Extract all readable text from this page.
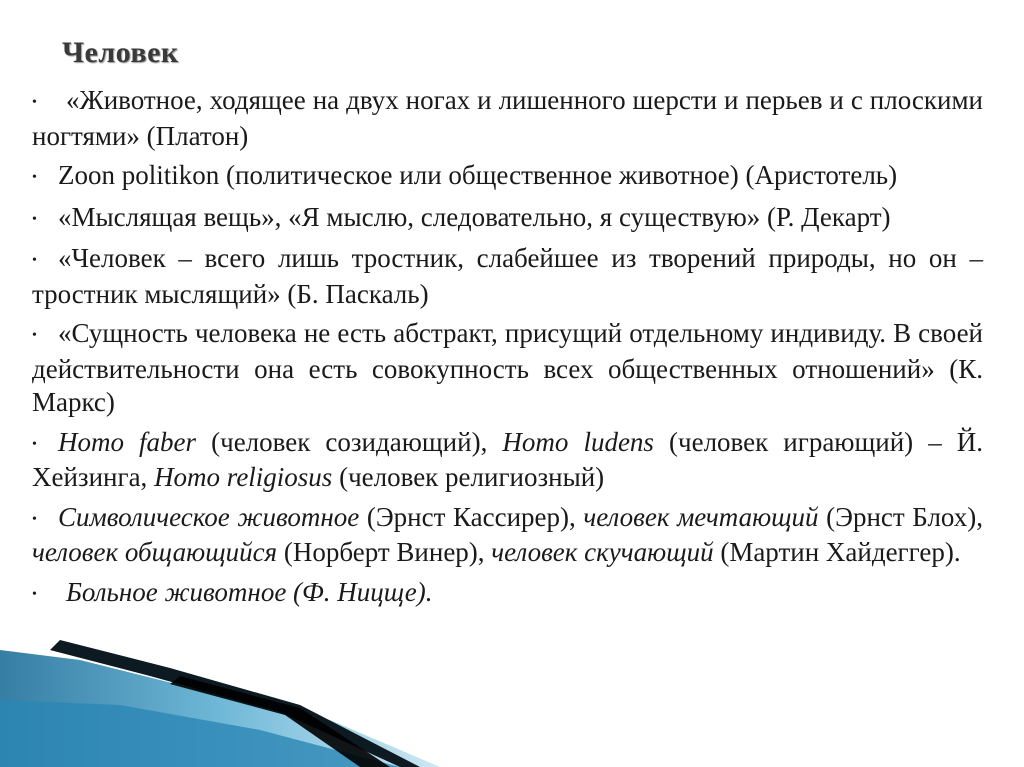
Человек
• «Животное, ходящее на двух ногах и лишенного шерсти и перьев и с плоскими ногтями» (Платон)
• Zoon politikon (политическое или общественное животное) (Аристотель)
• «Мыслящая вещь», «Я мыслю, следовательно, я существую» (Р. Декарт)
• «Человек – всего лишь тростник, слабейшее из творений природы, но он – тростник мыслящий» (Б. Паскаль)
• «Сущность человека не есть абстракт, присущий отдельному индивиду. В своей действительности она есть совокупность всех общественных отношений» (К. Маркс)
• Homo faber (человек созидающий), Homo ludens (человек играющий) – Й. Хейзинга, Homo religiosus (человек религиозный)
• Символическое животное (Эрнст Кассирер), человек мечтающий (Эрнст Блох), человек общающийся (Норберт Винер), человек скучающий (Мартин Хайдеггер).
• Больное животное (Ф. Ницще).
